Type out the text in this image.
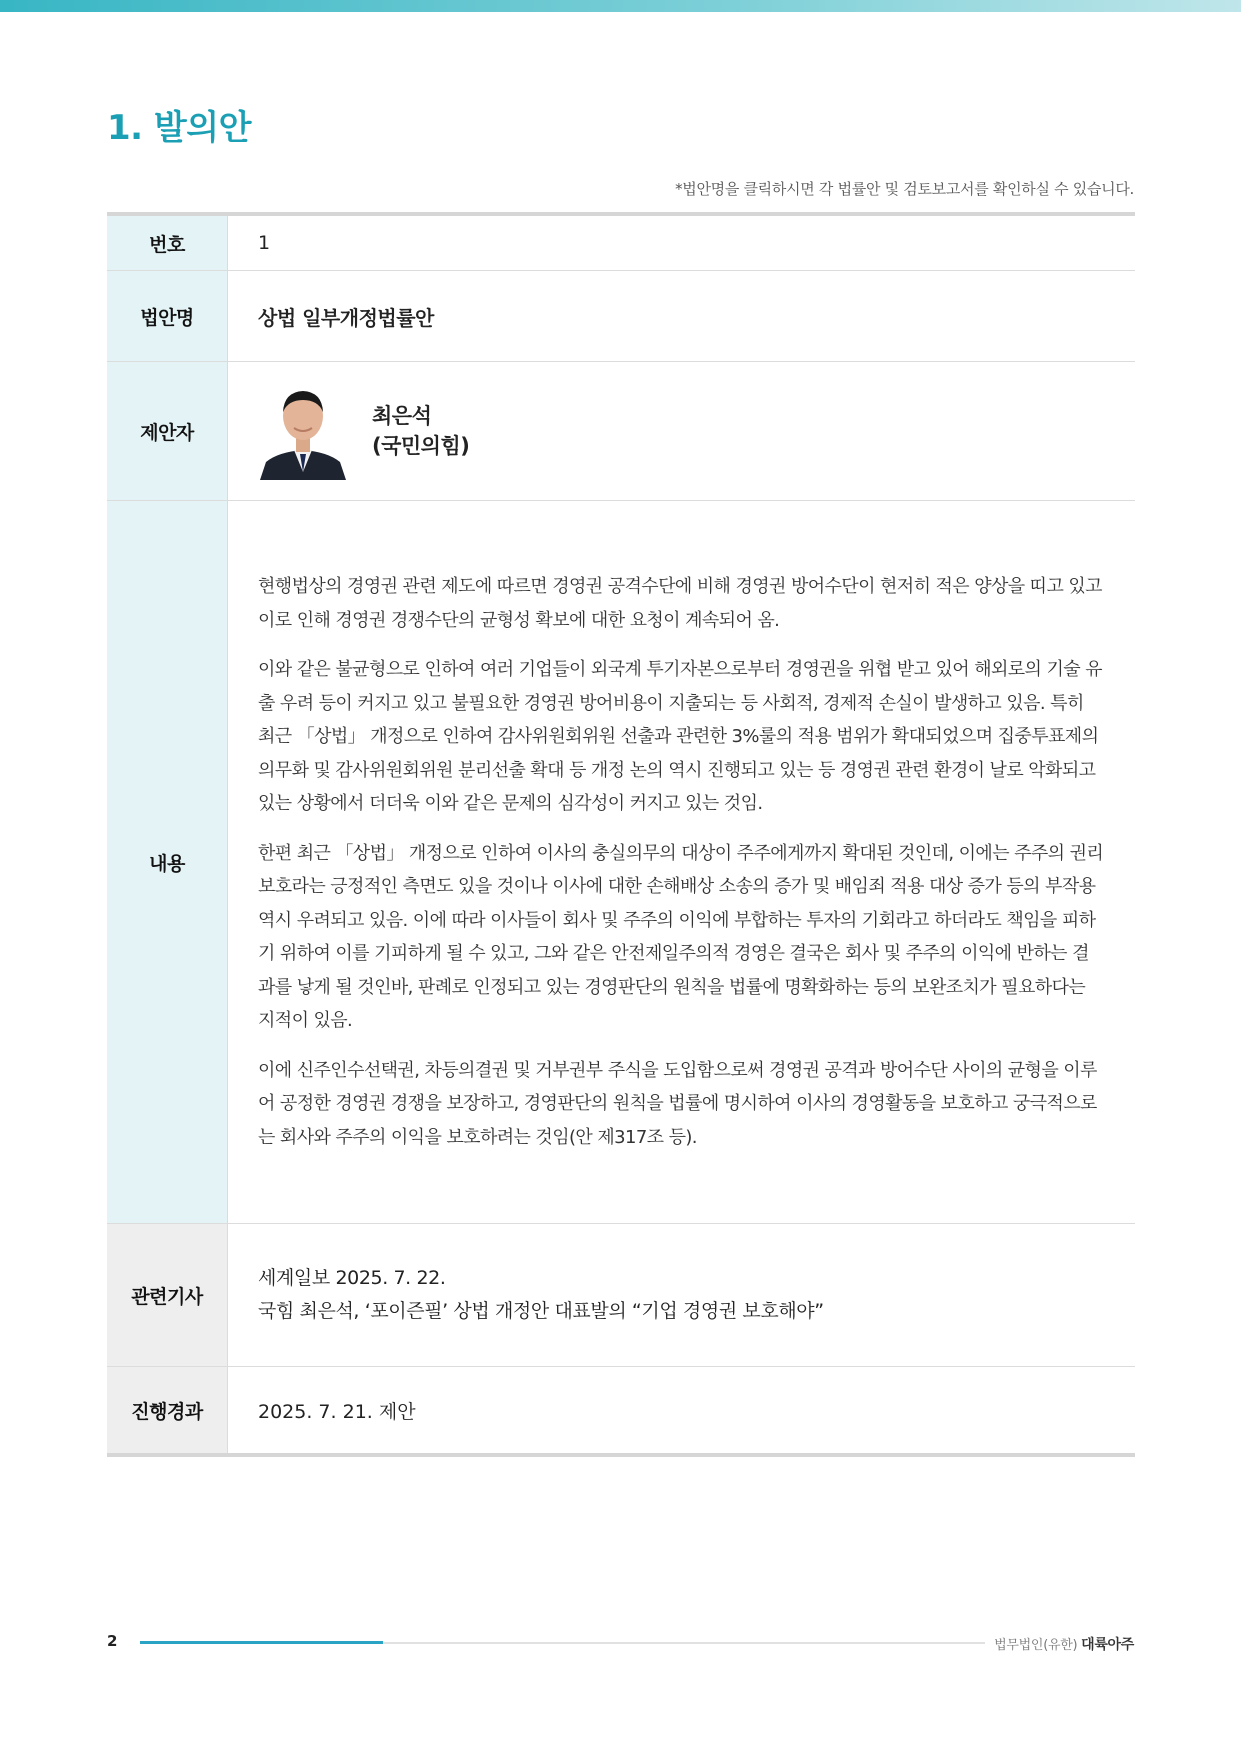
1. 발의안
*법안명을 클릭하시면 각 법률안 및 검토보고서를 확인하실 수 있습니다.
번호	1
법안명	상법 일부개정법률안
제안자	최은석
(국민의힘)

내용	현행법상의 경영권 관련 제도에 따르면 경영권 공격수단에 비해 경영권 방어수단이 현저히 적은 양상을 띠고 있고 이로 인해 경영권 경쟁수단의 균형성 확보에 대한 요청이 계속되어 옴.

이와 같은 불균형으로 인하여 여러 기업들이 외국계 투기자본으로부터 경영권을 위협 받고 있어 해외로의 기술 유출 우려 등이 커지고 있고 불필요한 경영권 방어비용이 지출되는 등 사회적, 경제적 손실이 발생하고 있음. 특히 최근 「상법」 개정으로 인하여 감사위원회위원 선출과 관련한 3%룰의 적용 범위가 확대되었으며 집중투표제의 의무화 및 감사위원회위원 분리선출 확대 등 개정 논의 역시 진행되고 있는 등 경영권 관련 환경이 날로 악화되고 있는 상황에서 더더욱 이와 같은 문제의 심각성이 커지고 있는 것임.

한편 최근 「상법」 개정으로 인하여 이사의 충실의무의 대상이 주주에게까지 확대된 것인데, 이에는 주주의 권리 보호라는 긍정적인 측면도 있을 것이나 이사에 대한 손해배상 소송의 증가 및 배임죄 적용 대상 증가 등의 부작용 역시 우려되고 있음. 이에 따라 이사들이 회사 및 주주의 이익에 부합하는 투자의 기회라고 하더라도 책임을 피하기 위하여 이를 기피하게 될 수 있고, 그와 같은 안전제일주의적 경영은 결국은 회사 및 주주의 이익에 반하는 결과를 낳게 될 것인바, 판례로 인정되고 있는 경영판단의 원칙을 법률에 명확화하는 등의 보완조치가 필요하다는 지적이 있음.

이에 신주인수선택권, 차등의결권 및 거부권부 주식을 도입함으로써 경영권 공격과 방어수단 사이의 균형을 이루어 공정한 경영권 경쟁을 보장하고, 경영판단의 원칙을 법률에 명시하여 이사의 경영활동을 보호하고 궁극적으로는 회사와 주주의 이익을 보호하려는 것임(안 제317조 등).

관련기사	세계일보 2025. 7. 22.
국힘 최은석, ‘포이즌필’ 상법 개정안 대표발의 “기업 경영권 보호해야”

진행경과	2025. 7. 21. 제안
2	법무법인(유한) 대륙아주
